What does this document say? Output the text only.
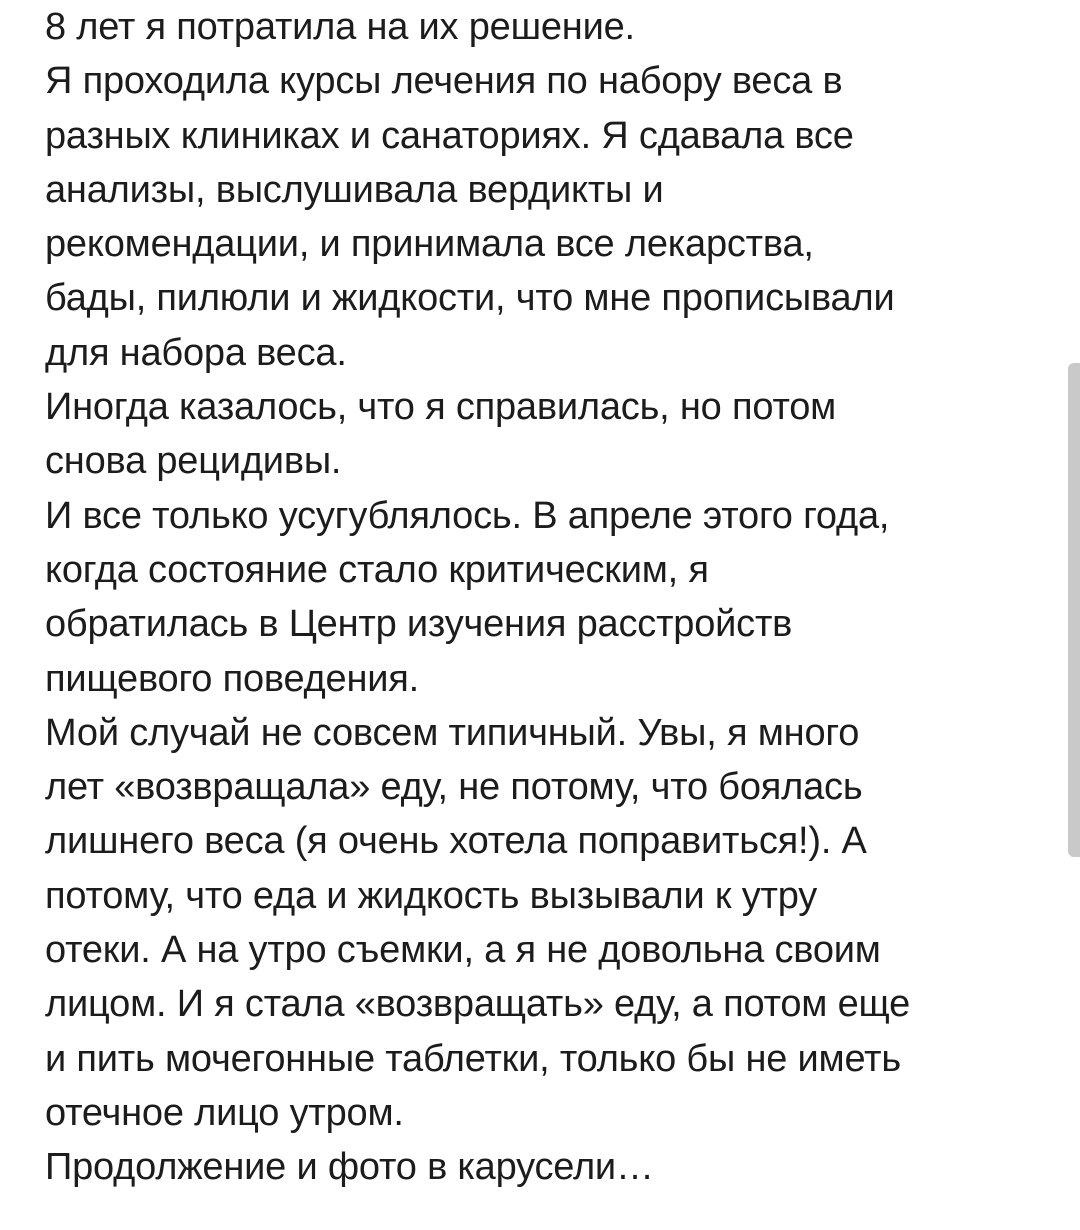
8 лет я потратила на их решение.
Я проходила курсы лечения по набору веса в
разных клиниках и санаториях. Я сдавала все
анализы, выслушивала вердикты и
рекомендации, и принимала все лекарства,
бады, пилюли и жидкости, что мне прописывали
для набора веса.
Иногда казалось, что я справилась, но потом
снова рецидивы.
И все только усугублялось. В апреле этого года,
когда состояние стало критическим, я
обратилась в Центр изучения расстройств
пищевого поведения.
Мой случай не совсем типичный. Увы, я много
лет «возвращала» еду, не потому, что боялась
лишнего веса (я очень хотела поправиться!). А
потому, что еда и жидкость вызывали к утру
отеки. А на утро съемки, а я не довольна своим
лицом. И я стала «возвращать» еду, а потом еще
и пить мочегонные таблетки, только бы не иметь
отечное лицо утром.
Продолжение и фото в карусели…
